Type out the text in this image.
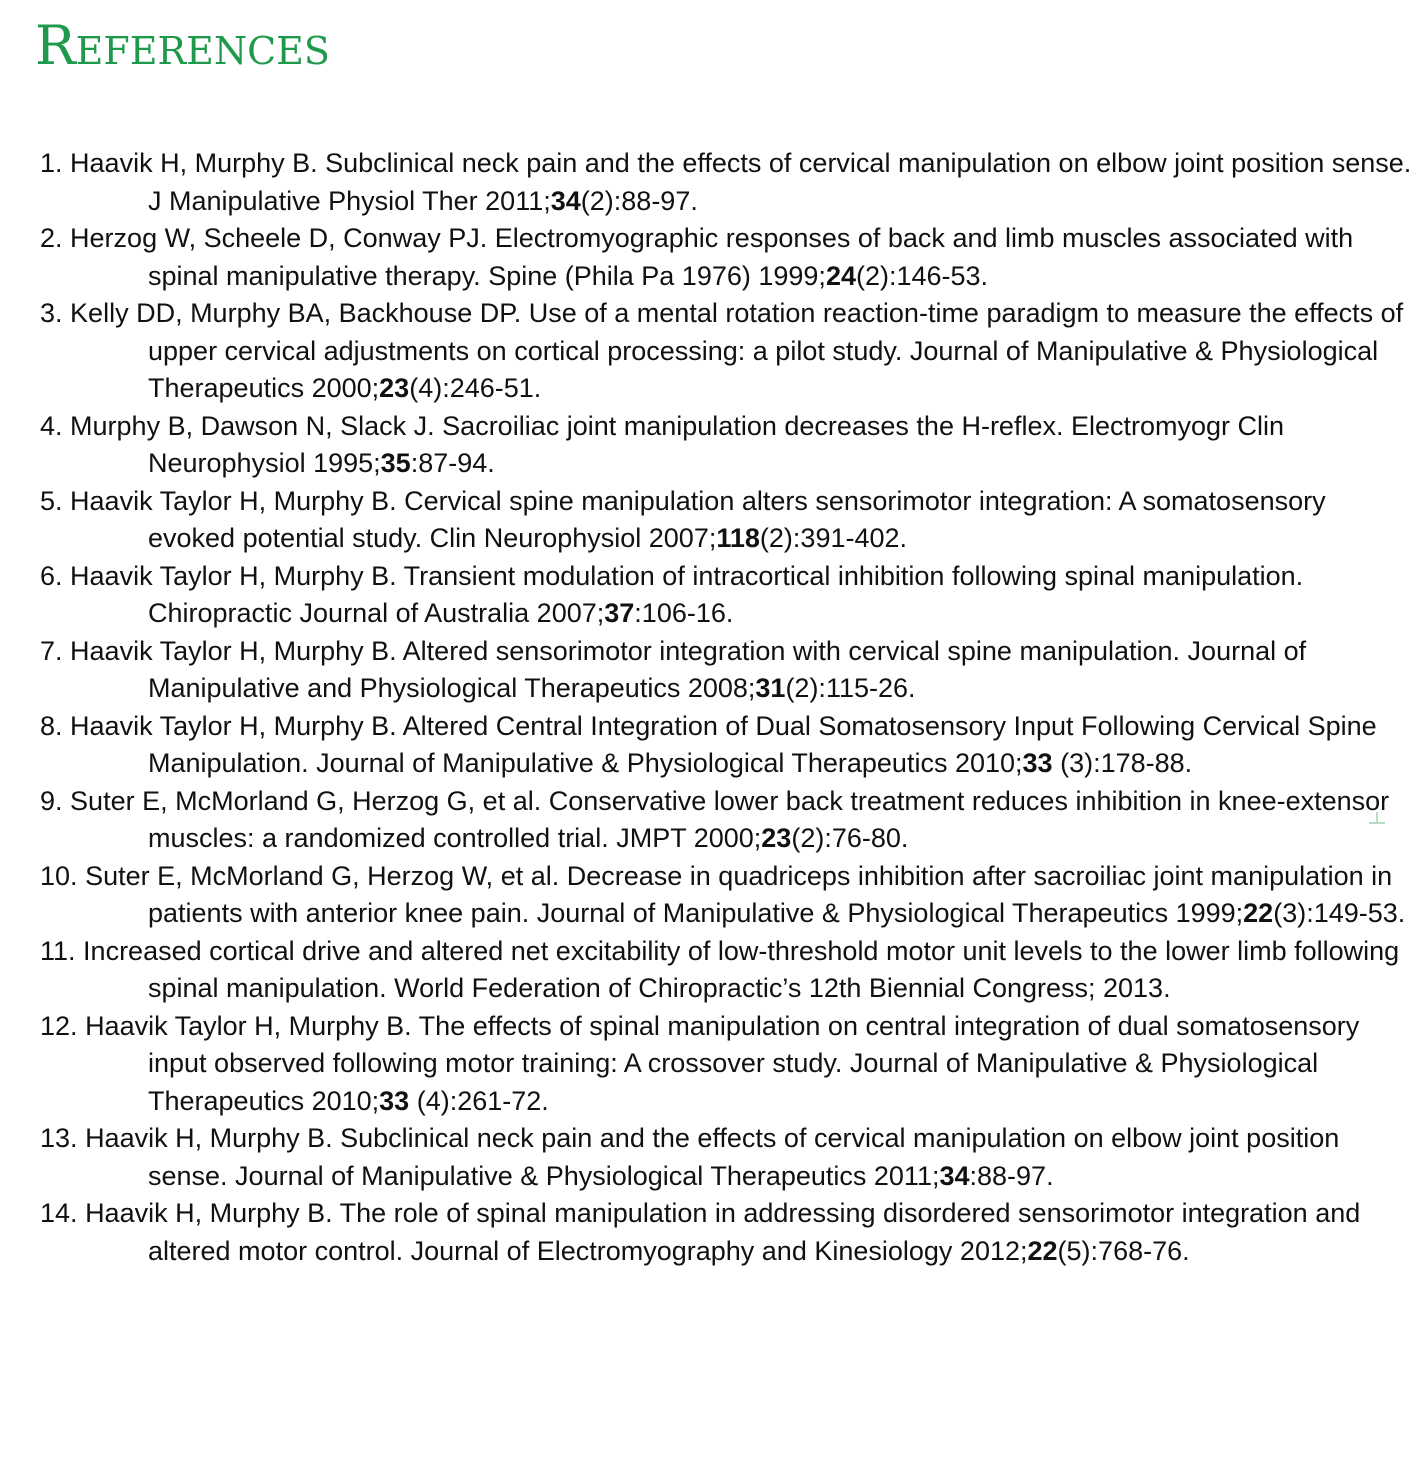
References
1. Haavik H, Murphy B. Subclinical neck pain and the effects of cervical manipulation on elbow joint position sense. J Manipulative Physiol Ther 2011;34(2):88-97.
2. Herzog W, Scheele D, Conway PJ. Electromyographic responses of back and limb muscles associated with spinal manipulative therapy. Spine (Phila Pa 1976) 1999;24(2):146-53.
3. Kelly DD, Murphy BA, Backhouse DP. Use of a mental rotation reaction-time paradigm to measure the effects of upper cervical adjustments on cortical processing: a pilot study. Journal of Manipulative & Physiological Therapeutics 2000;23(4):246-51.
4. Murphy B, Dawson N, Slack J. Sacroiliac joint manipulation decreases the H-reflex. Electromyogr Clin Neurophysiol 1995;35:87-94.
5. Haavik Taylor H, Murphy B. Cervical spine manipulation alters sensorimotor integration: A somatosensory evoked potential study. Clin Neurophysiol 2007;118(2):391-402.
6. Haavik Taylor H, Murphy B. Transient modulation of intracortical inhibition following spinal manipulation. Chiropractic Journal of Australia 2007;37:106-16.
7. Haavik Taylor H, Murphy B. Altered sensorimotor integration with cervical spine manipulation. Journal of Manipulative and Physiological Therapeutics 2008;31(2):115-26.
8. Haavik Taylor H, Murphy B. Altered Central Integration of Dual Somatosensory Input Following Cervical Spine Manipulation. Journal of Manipulative & Physiological Therapeutics 2010;33 (3):178-88.
9. Suter E, McMorland G, Herzog G, et al. Conservative lower back treatment reduces inhibition in knee-extensor muscles: a randomized controlled trial. JMPT 2000;23(2):76-80.
10. Suter E, McMorland G, Herzog W, et al. Decrease in quadriceps inhibition after sacroiliac joint manipulation in patients with anterior knee pain. Journal of Manipulative & Physiological Therapeutics 1999;22(3):149-53.
11. Increased cortical drive and altered net excitability of low-threshold motor unit levels to the lower limb following spinal manipulation. World Federation of Chiropractic’s 12th Biennial Congress; 2013.
12. Haavik Taylor H, Murphy B. The effects of spinal manipulation on central integration of dual somatosensory input observed following motor training: A crossover study. Journal of Manipulative & Physiological Therapeutics 2010;33 (4):261-72.
13. Haavik H, Murphy B. Subclinical neck pain and the effects of cervical manipulation on elbow joint position sense. Journal of Manipulative & Physiological Therapeutics 2011;34:88-97.
14. Haavik H, Murphy B. The role of spinal manipulation in addressing disordered sensorimotor integration and altered motor control. Journal of Electromyography and Kinesiology 2012;22(5):768-76.
